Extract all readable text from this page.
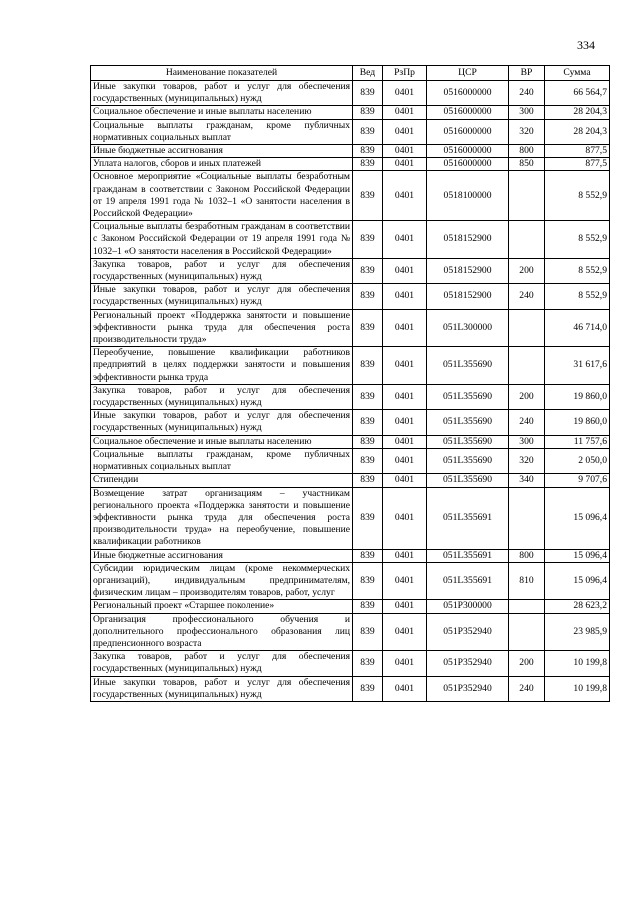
334
Наименование показателей	Вед	РзПр	ЦСР	ВР	Сумма
Иные закупки товаров, работ и услуг для обеспечения государственных (муниципальных) нужд	839	0401	0516000000	240	66 564,7
Социальное обеспечение и иные выплаты населению	839	0401	0516000000	300	28 204,3
Социальные выплаты гражданам, кроме публичных нормативных социальных выплат	839	0401	0516000000	320	28 204,3
Иные бюджетные ассигнования	839	0401	0516000000	800	877,5
Уплата налогов, сборов и иных платежей	839	0401	0516000000	850	877,5
Основное мероприятие «Социальные выплаты безработным гражданам в соответствии с Законом Российской Федерации от 19 апреля 1991 года № 1032–1 «О занятости населения в Российской Федерации»	839	0401	0518100000		8 552,9
Социальные выплаты безработным гражданам в соответствии с Законом Российской Федерации от 19 апреля 1991 года № 1032–1 «О занятости населения в Российской Федерации»	839	0401	0518152900		8 552,9
Закупка товаров, работ и услуг для обеспечения государственных (муниципальных) нужд	839	0401	0518152900	200	8 552,9
Иные закупки товаров, работ и услуг для обеспечения государственных (муниципальных) нужд	839	0401	0518152900	240	8 552,9
Региональный проект «Поддержка занятости и повышение эффективности рынка труда для обеспечения роста производительности труда»	839	0401	051L300000		46 714,0
Переобучение, повышение квалификации работников предприятий в целях поддержки занятости и повышения эффективности рынка труда	839	0401	051L355690		31 617,6
Закупка товаров, работ и услуг для обеспечения государственных (муниципальных) нужд	839	0401	051L355690	200	19 860,0
Иные закупки товаров, работ и услуг для обеспечения государственных (муниципальных) нужд	839	0401	051L355690	240	19 860,0
Социальное обеспечение и иные выплаты населению	839	0401	051L355690	300	11 757,6
Социальные выплаты гражданам, кроме публичных нормативных социальных выплат	839	0401	051L355690	320	2 050,0
Стипендии	839	0401	051L355690	340	9 707,6
Возмещение затрат организациям – участникам регионального проекта «Поддержка занятости и повышение эффективности рынка труда для обеспечения роста производительности труда» на переобучение, повышение квалификации работников	839	0401	051L355691		15 096,4
Иные бюджетные ассигнования	839	0401	051L355691	800	15 096,4
Субсидии юридическим лицам (кроме некоммерческих организаций), индивидуальным предпринимателям, физическим лицам – производителям товаров, работ, услуг	839	0401	051L355691	810	15 096,4
Региональный проект «Старшее поколение»	839	0401	051P300000		28 623,2
Организация профессионального обучения и дополнительного профессионального образования лиц предпенсионного возраста	839	0401	051P352940		23 985,9
Закупка товаров, работ и услуг для обеспечения государственных (муниципальных) нужд	839	0401	051P352940	200	10 199,8
Иные закупки товаров, работ и услуг для обеспечения государственных (муниципальных) нужд	839	0401	051P352940	240	10 199,8
